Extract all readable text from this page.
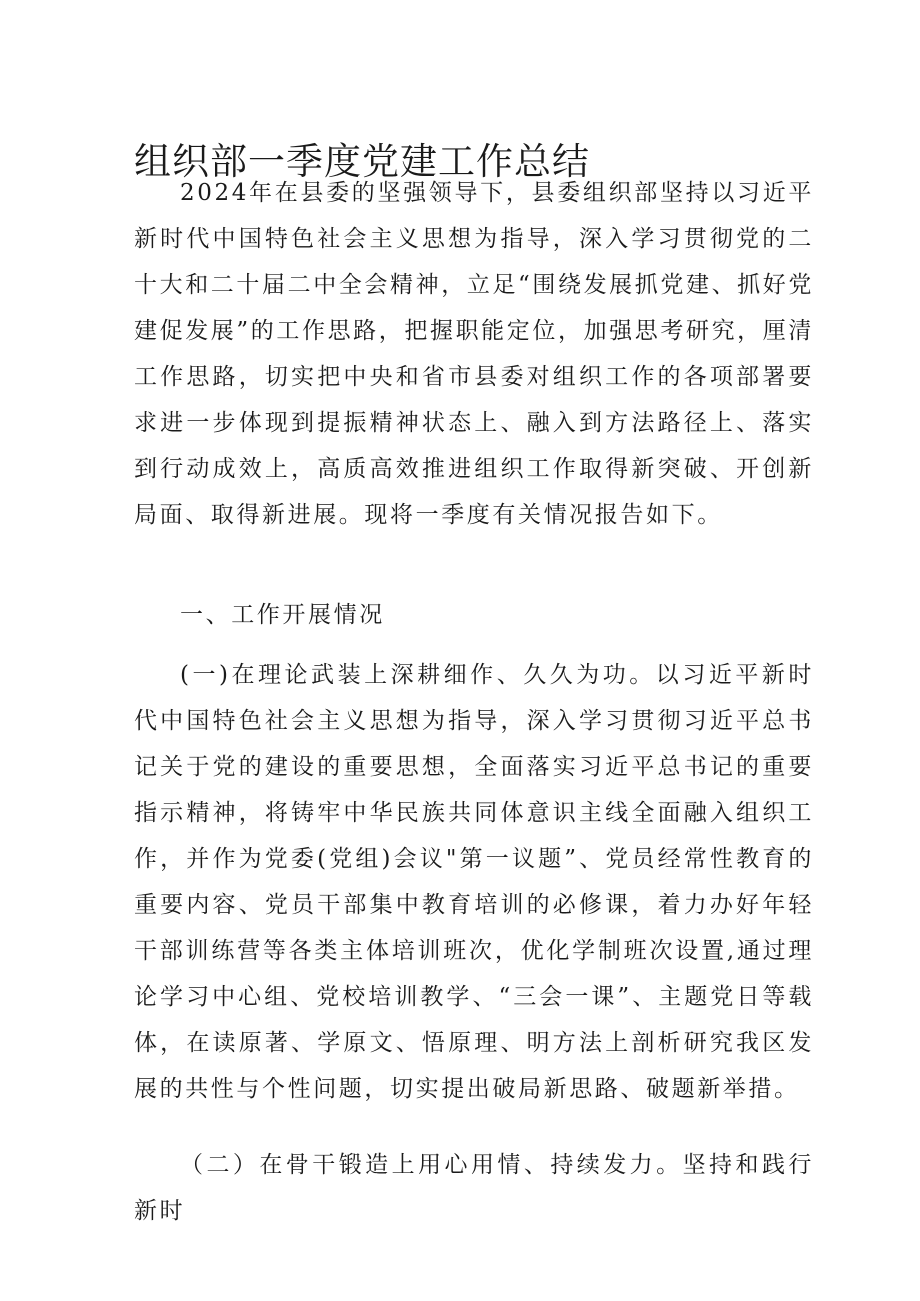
组织部一季度党建工作总结

2024年在县委的坚强领导下，县委组织部坚持以习近平新时代中国特色社会主义思想为指导，深入学习贯彻党的二十大和二十届二中全会精神，立足“围绕发展抓党建、抓好党建促发展”的工作思路，把握职能定位，加强思考研究，厘清工作思路，切实把中央和省市县委对组织工作的各项部署要求进一步体现到提振精神状态上、融入到方法路径上、落实到行动成效上，高质高效推进组织工作取得新突破、开创新局面、取得新进展。现将一季度有关情况报告如下。

一、工作开展情况

(一)在理论武装上深耕细作、久久为功。以习近平新时代中国特色社会主义思想为指导，深入学习贯彻习近平总书记关于党的建设的重要思想，全面落实习近平总书记的重要指示精神，将铸牢中华民族共同体意识主线全面融入组织工作，并作为党委(党组)会议"第一议题”、党员经常性教育的重要内容、党员干部集中教育培训的必修课，着力办好年轻干部训练营等各类主体培训班次，优化学制班次设置,通过理论学习中心组、党校培训教学、“三会一课”、主题党日等载体，在读原著、学原文、悟原理、明方法上剖析研究我区发展的共性与个性问题，切实提出破局新思路、破题新举措。

（二）在骨干锻造上用心用情、持续发力。坚持和践行新时
